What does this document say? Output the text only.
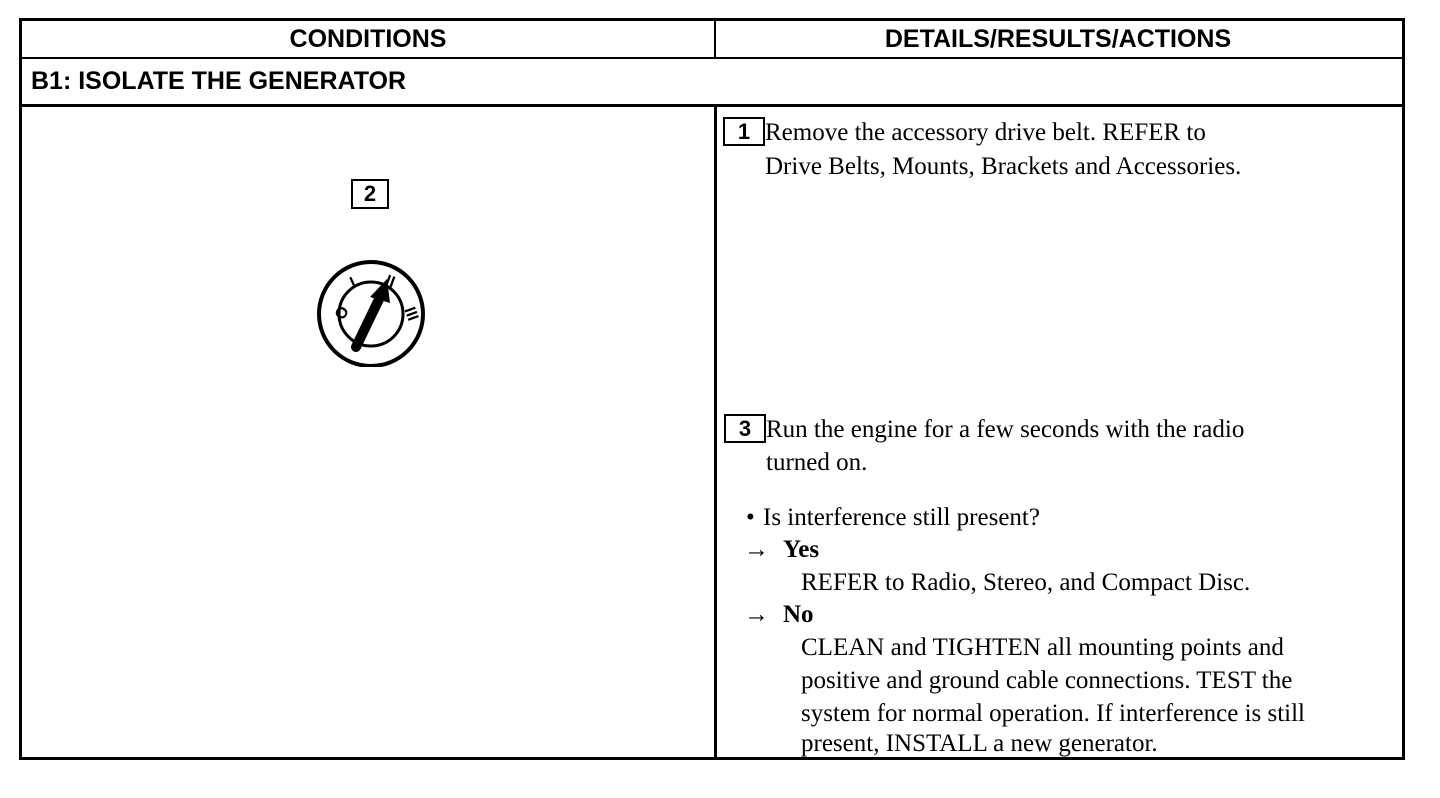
CONDITIONS	DETAILS/RESULTS/ACTIONS
B1: ISOLATE THE GENERATOR
2
O
I II
III
1 Remove the accessory drive belt. REFER to
Drive Belts, Mounts, Brackets and Accessories.
3 Run the engine for a few seconds with the radio
turned on.
• Is interference still present?
→ Yes
REFER to Radio, Stereo, and Compact Disc.
→ No
CLEAN and TIGHTEN all mounting points and
positive and ground cable connections. TEST the
system for normal operation. If interference is still
present, INSTALL a new generator.
